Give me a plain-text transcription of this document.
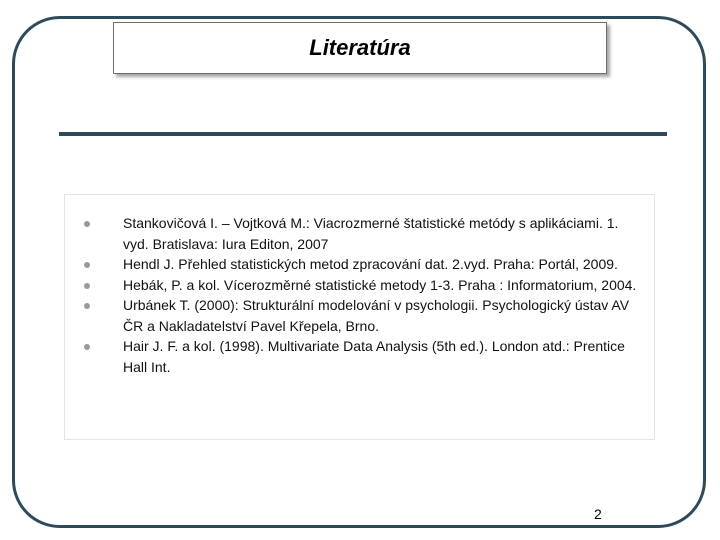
Literatúra
Stankovičová I. – Vojtková M.: Viacrozmerné štatistické metódy s aplikáciami. 1. vyd. Bratislava: Iura Editon, 2007
Hendl J. Přehled statistických metod zpracování dat. 2.vyd. Praha: Portál, 2009.
Hebák, P. a kol. Vícerozměrné statistické metody 1-3. Praha : Informatorium, 2004.
Urbánek T. (2000): Strukturální modelování v psychologii. Psychologický ústav AV ČR a Nakladatelství Pavel Křepela, Brno.
Hair J. F. a kol. (1998). Multivariate Data Analysis (5th ed.). London atd.: Prentice Hall Int.
2
